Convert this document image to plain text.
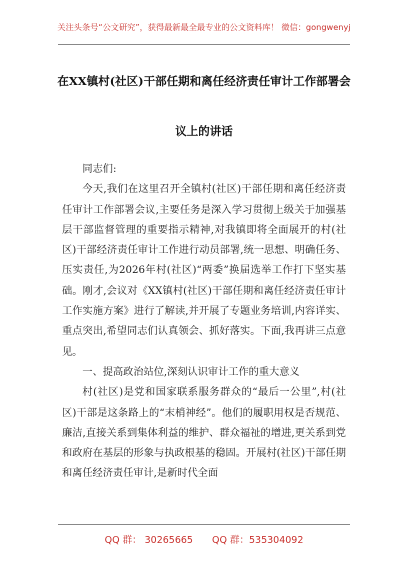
关注头条号“公文研究”，获得最新最全最专业的公文资料库！ 微信：gongwenyj
在XX镇村(社区)干部任期和离任经济责任审计工作部署会
议上的讲话

同志们:

今天,我们在这里召开全镇村(社区)干部任期和离任经济责任审计工作部署会议,主要任务是深入学习贯彻上级关于加强基层干部监督管理的重要指示精神,对我镇即将全面展开的村(社区)干部经济责任审计工作进行动员部署,统一思想、明确任务、压实责任,为2026年村(社区)“两委”换届选举工作打下坚实基础。刚才,会议对《XX镇村(社区)干部任期和离任经济责任审计工作实施方案》进行了解读,并开展了专题业务培训,内容详实、重点突出,希望同志们认真领会、抓好落实。下面,我再讲三点意见。

一、提高政治站位,深刻认识审计工作的重大意义

村(社区)是党和国家联系服务群众的“最后一公里”,村(社区)干部是这条路上的“末梢神经”。他们的履职用权是否规范、廉洁,直接关系到集体利益的维护、群众福祉的增进,更关系到党和政府在基层的形象与执政根基的稳固。开展村(社区)干部任期和离任经济责任审计,是新时代全面

QQ 群： 30265665 QQ 群：535304092
